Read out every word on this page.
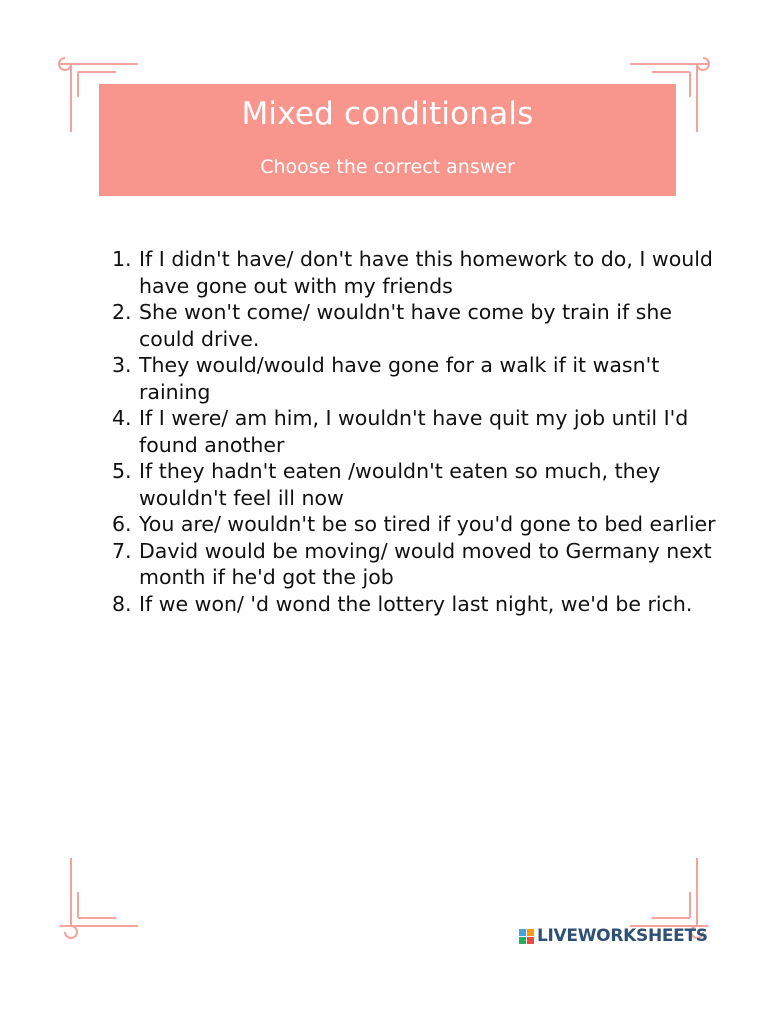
Mixed conditionals
Choose the correct answer
1. If I didn't have/ don't have this homework to do, I would have gone out with my friends
2. She won't come/ wouldn't have come by train if she could drive.
3. They would/would have gone for a walk if it wasn't raining
4. If I were/ am him, I wouldn't have quit my job until I'd found another
5. If they hadn't eaten /wouldn't eaten so much, they wouldn't feel ill now
6. You are/ wouldn't be so tired if you'd gone to bed earlier
7. David would be moving/ would moved to Germany next month if he'd got the job
8. If we won/ 'd wond the lottery last night, we'd be rich.
LIVEWORKSHEETS
